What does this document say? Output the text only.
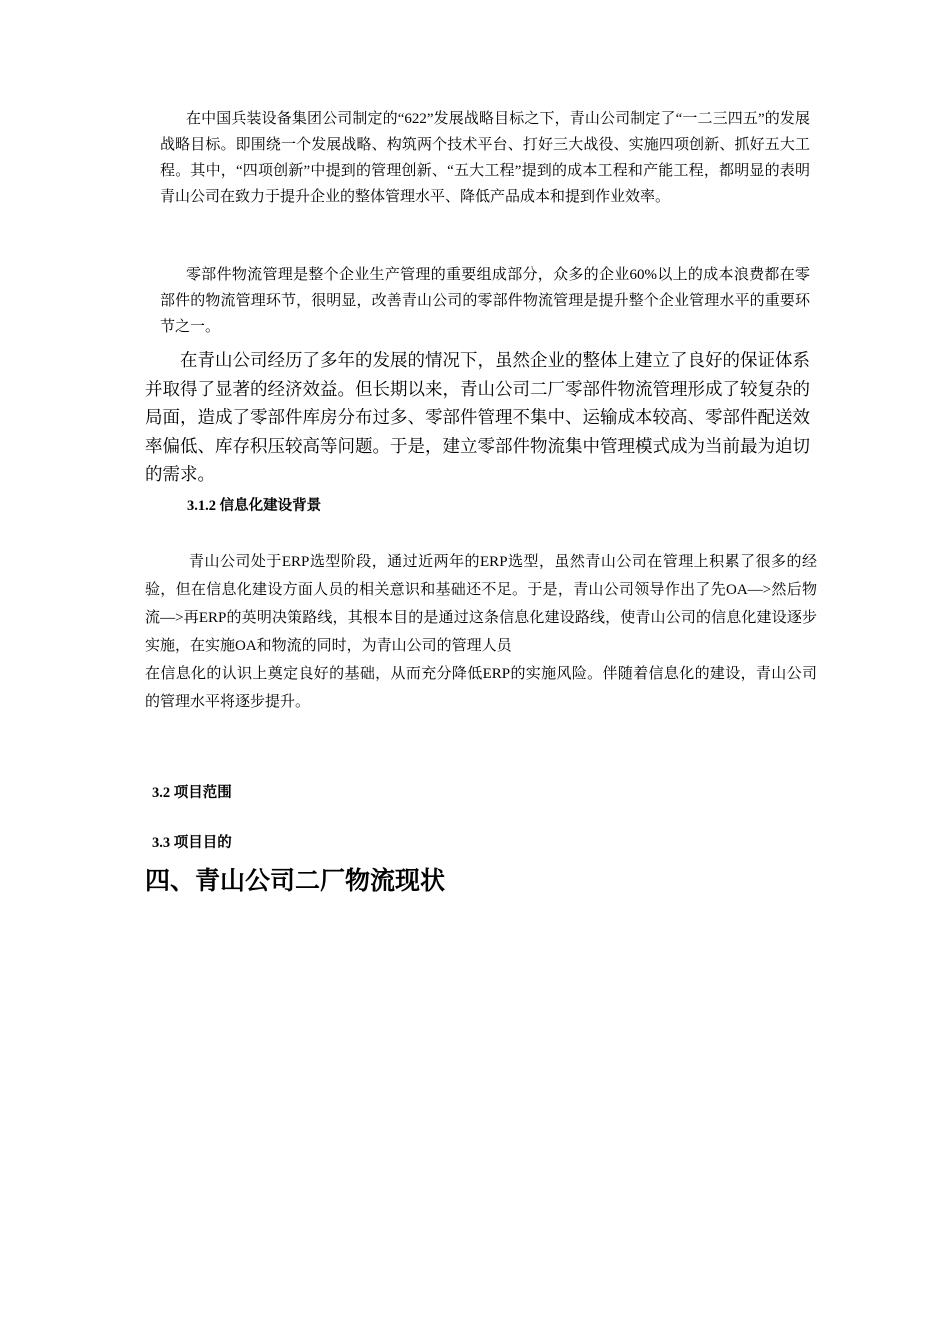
在中国兵装设备集团公司制定的“622”发展战略目标之下，青山公司制定了“一二三四五”的发展战略目标。即围绕一个发展战略、构筑两个技术平台、打好三大战役、实施四项创新、抓好五大工程。其中，“四项创新”中提到的管理创新、“五大工程”提到的成本工程和产能工程，都明显的表明青山公司在致力于提升企业的整体管理水平、降低产品成本和提到作业效率。

零部件物流管理是整个企业生产管理的重要组成部分，众多的企业60%以上的成本浪费都在零部件的物流管理环节，很明显，改善青山公司的零部件物流管理是提升整个企业管理水平的重要环节之一。

在青山公司经历了多年的发展的情况下，虽然企业的整体上建立了良好的保证体系并取得了显著的经济效益。但长期以来，青山公司二厂零部件物流管理形成了较复杂的局面，造成了零部件库房分布过多、零部件管理不集中、运输成本较高、零部件配送效率偏低、库存积压较高等问题。于是，建立零部件物流集中管理模式成为当前最为迫切的需求。

3.1.2 信息化建设背景
青山公司处于ERP选型阶段，通过近两年的ERP选型，虽然青山公司在管理上积累了很多的经验，但在信息化建设方面人员的相关意识和基础还不足。于是，青山公司领导作出了先OA—>然后物流—>再ERP的英明决策路线，其根本目的是通过这条信息化建设路线，使青山公司的信息化建设逐步实施，在实施OA和物流的同时，为青山公司的管理人员
在信息化的认识上奠定良好的基础，从而充分降低ERP的实施风险。伴随着信息化的建设，青山公司的管理水平将逐步提升。
3.2 项目范围
3.3 项目目的
四、青山公司二厂物流现状
